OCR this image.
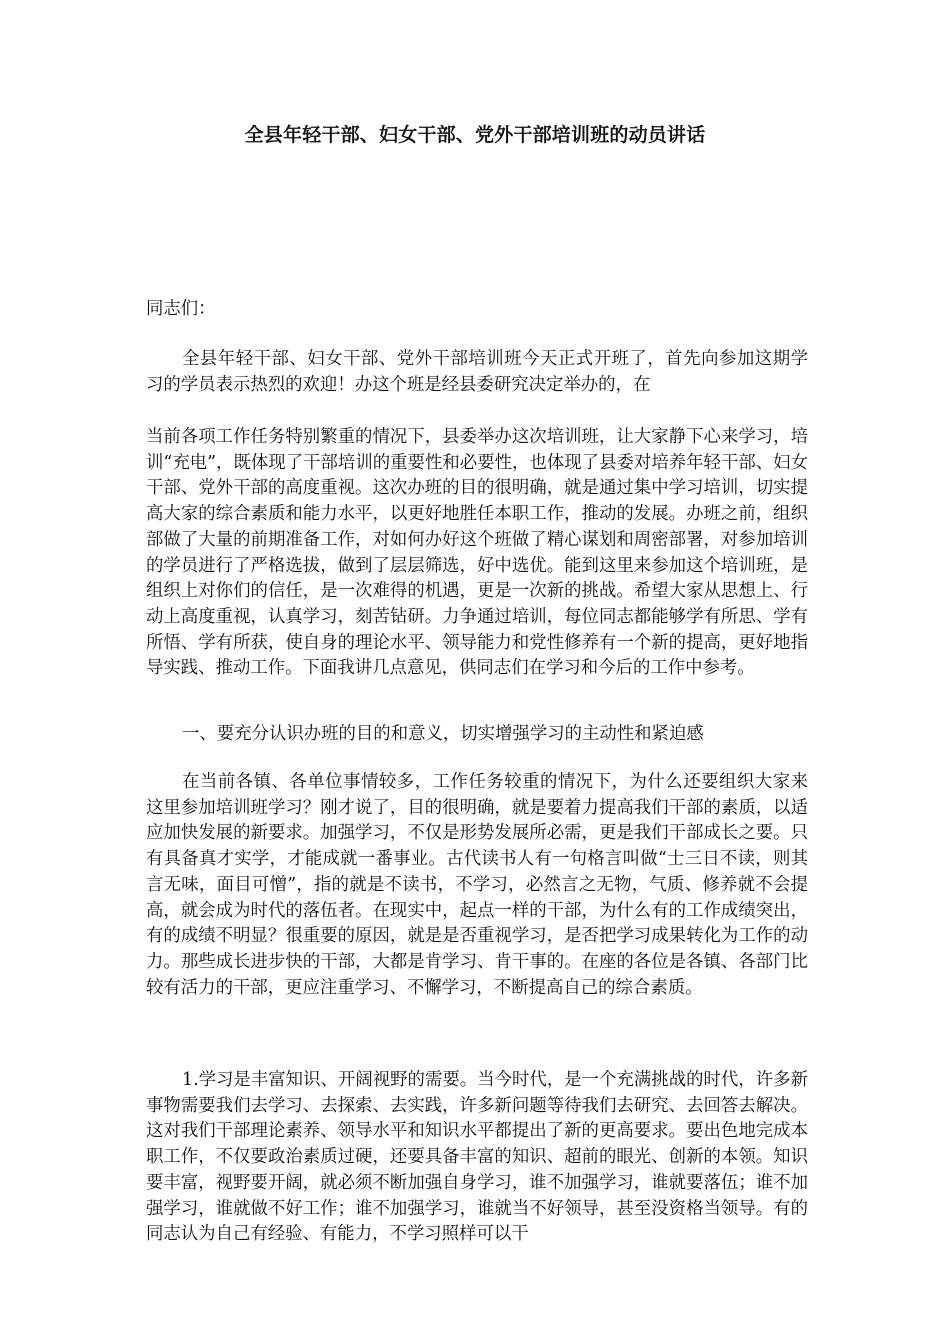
全县年轻干部、妇女干部、党外干部培训班的动员讲话

同志们：

全县年轻干部、妇女干部、党外干部培训班今天正式开班了，首先向参加这期学习的学员表示热烈的欢迎！办这个班是经县委研究决定举办的，在

当前各项工作任务特别繁重的情况下，县委举办这次培训班，让大家静下心来学习，培训“充电”，既体现了干部培训的重要性和必要性，也体现了县委对培养年轻干部、妇女干部、党外干部的高度重视。这次办班的目的很明确，就是通过集中学习培训，切实提高大家的综合素质和能力水平，以更好地胜任本职工作，推动的发展。办班之前，组织部做了大量的前期准备工作，对如何办好这个班做了精心谋划和周密部署，对参加培训的学员进行了严格选拔，做到了层层筛选，好中选优。能到这里来参加这个培训班，是组织上对你们的信任，是一次难得的机遇，更是一次新的挑战。希望大家从思想上、行动上高度重视，认真学习，刻苦钻研。力争通过培训，每位同志都能够学有所思、学有所悟、学有所获，使自身的理论水平、领导能力和党性修养有一个新的提高，更好地指导实践、推动工作。下面我讲几点意见，供同志们在学习和今后的工作中参考。

一、要充分认识办班的目的和意义，切实增强学习的主动性和紧迫感

在当前各镇、各单位事情较多，工作任务较重的情况下，为什么还要组织大家来这里参加培训班学习？刚才说了，目的很明确，就是要着力提高我们干部的素质，以适应加快发展的新要求。加强学习，不仅是形势发展所必需，更是我们干部成长之要。只有具备真才实学，才能成就一番事业。古代读书人有一句格言叫做“士三日不读，则其言无味，面目可憎”，指的就是不读书，不学习，必然言之无物，气质、修养就不会提高，就会成为时代的落伍者。在现实中，起点一样的干部，为什么有的工作成绩突出，有的成绩不明显？很重要的原因，就是是否重视学习，是否把学习成果转化为工作的动力。那些成长进步快的干部，大都是肯学习、肯干事的。在座的各位是各镇、各部门比较有活力的干部，更应注重学习、不懈学习，不断提高自己的综合素质。

1.学习是丰富知识、开阔视野的需要。当今时代，是一个充满挑战的时代，许多新事物需要我们去学习、去探索、去实践，许多新问题等待我们去研究、去回答去解决。这对我们干部理论素养、领导水平和知识水平都提出了新的更高要求。要出色地完成本职工作，不仅要政治素质过硬，还要具备丰富的知识、超前的眼光、创新的本领。知识要丰富，视野要开阔，就必须不断加强自身学习，谁不加强学习，谁就要落伍；谁不加强学习，谁就做不好工作；谁不加强学习，谁就当不好领导，甚至没资格当领导。有的同志认为自己有经验、有能力，不学习照样可以干
